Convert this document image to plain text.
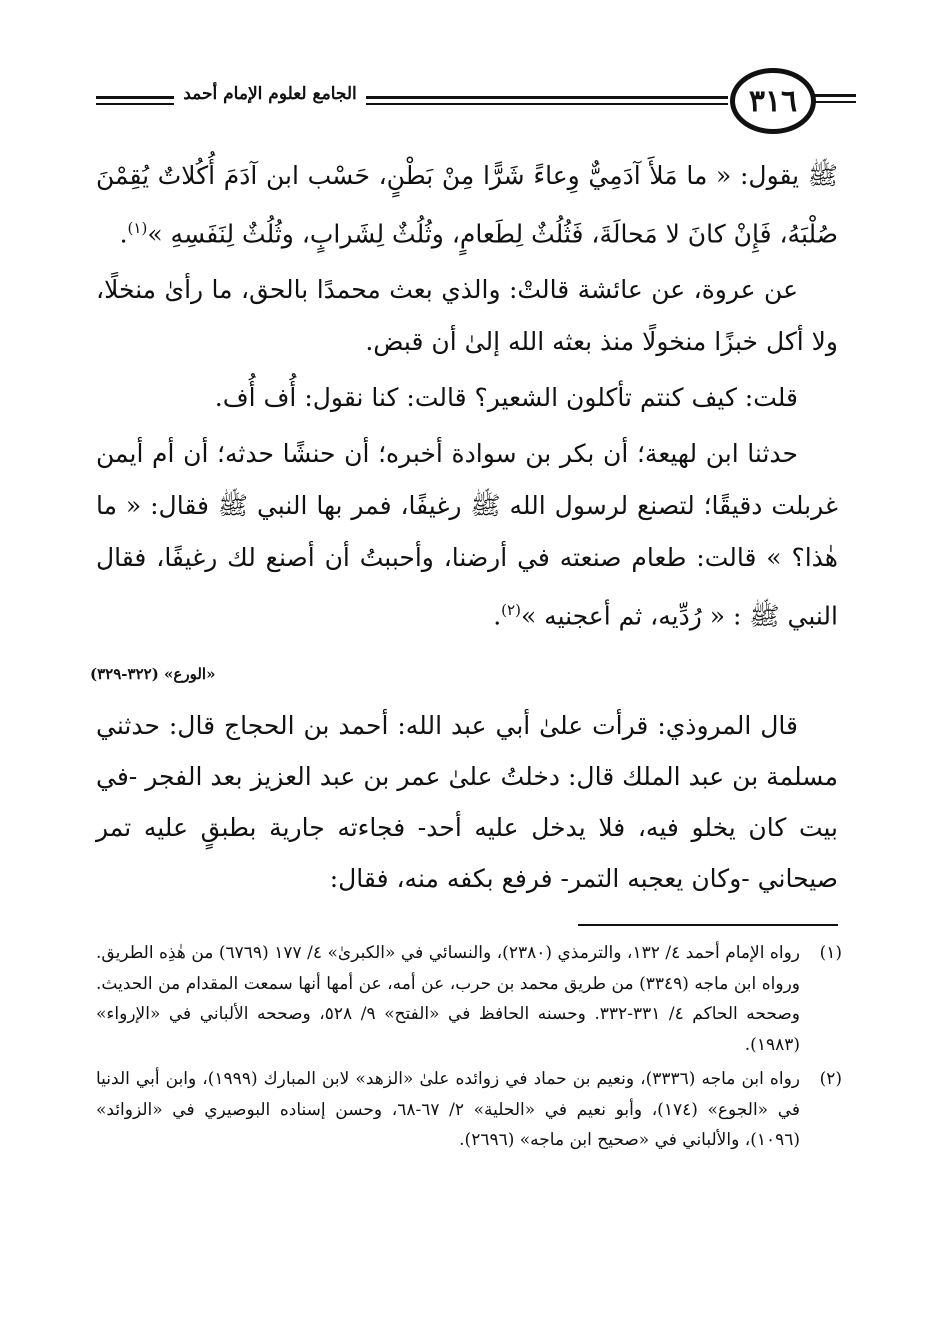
٣١٦
الجامع لعلوم الإمام أحمد

ﷺ يقول: « ما مَلأَ آدَمِيٌّ وِعاءً شَرًّا مِنْ بَطْنٍ، حَسْب ابن آدَمَ أُكُلاتٌ يُقِمْنَ صُلْبَهُ، فَإِنْ كانَ لا مَحالَةَ، فَثُلُثٌ لِطَعامٍ، وثُلُثٌ لِشَرابٍ، وثُلُثٌ لِنَفَسِهِ »$^{(١)}$.

عن عروة، عن عائشة قالتْ: والذي بعث محمدًا بالحق، ما رأىٰ منخلًا، ولا أكل خبزًا منخولًا منذ بعثه الله إلىٰ أن قبض.

قلت: كيف كنتم تأكلون الشعير؟ قالت: كنا نقول: أُف أُف.

حدثنا ابن لهيعة؛ أن بكر بن سوادة أخبره؛ أن حنشًا حدثه؛ أن أم أيمن غربلت دقيقًا؛ لتصنع لرسول الله ﷺ رغيفًا، فمر بها النبي ﷺ فقال: « ما هٰذا؟ » قالت: طعام صنعته في أرضنا، وأحببتُ أن أصنع لك رغيفًا، فقال النبي ﷺ : « رُدِّيه، ثم أعجنيه »$^{(٢)}$.

«الورع» (٣٢٢-٣٢٩)

قال المروذي: قرأت علىٰ أبي عبد الله: أحمد بن الحجاج قال: حدثني مسلمة بن عبد الملك قال: دخلتُ علىٰ عمر بن عبد العزيز بعد الفجر -في بيت كان يخلو فيه، فلا يدخل عليه أحد- فجاءته جارية بطبقٍ عليه تمر صيحاني -وكان يعجبه التمر- فرفع بكفه منه، فقال:

(١)
رواه الإمام أحمد ٤/ ١٣٢، والترمذي (٢٣٨٠)، والنسائي في «الكبرىٰ» ٤/ ١٧٧ (٦٧٦٩) من هٰذِه الطريق. ورواه ابن ماجه (٣٣٤٩) من طريق محمد بن حرب، عن أمه، عن أمها أنها سمعت المقدام من الحديث. وصححه الحاكم ٤/ ٣٣١-٣٣٢. وحسنه الحافظ في «الفتح» ٩/ ٥٢٨، وصححه الألباني في «الإرواء» (١٩٨٣).
(٢)
رواه ابن ماجه (٣٣٣٦)، ونعيم بن حماد في زوائده علىٰ «الزهد» لابن المبارك (١٩٩٩)، وابن أبي الدنيا في «الجوع» (١٧٤)، وأبو نعيم في «الحلية» ٢/ ٦٧-٦٨، وحسن إسناده البوصيري في «الزوائد» (١٠٩٦)، والألباني في «صحيح ابن ماجه» (٢٦٩٦).
